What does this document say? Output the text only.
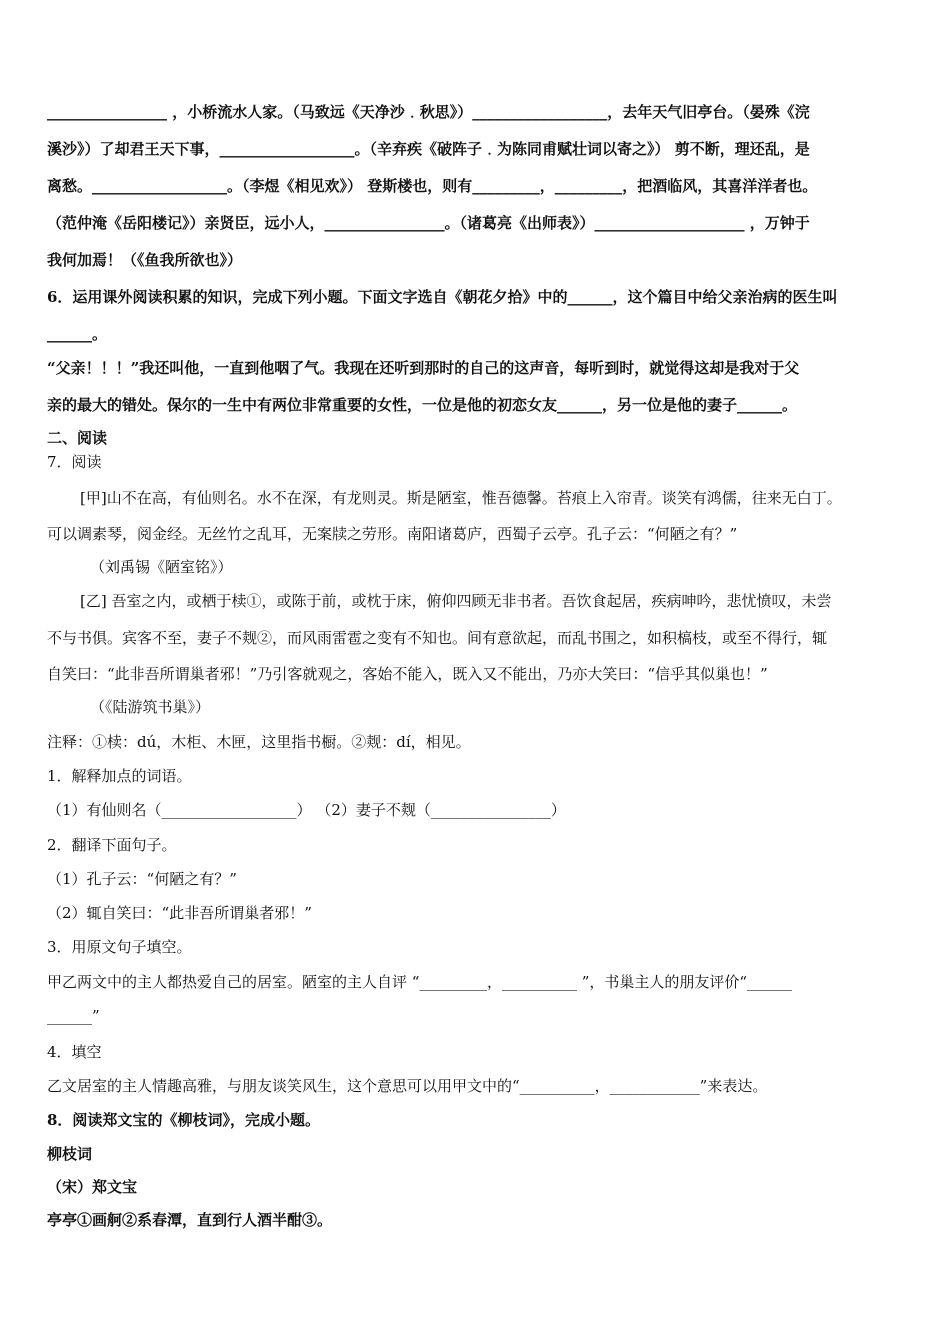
________________ ，小桥流水人家。（马致远《天净沙﹒秋思》）__________________，去年天气旧亭台。（晏殊《浣
溪沙》）了却君王天下事，__________________。（辛弃疾《破阵子﹒为陈同甫赋壮词以寄之》） 剪不断，理还乱，是
离愁。__________________。（李煜《相见欢》） 登斯楼也，则有_________，_________，把酒临风，其喜洋洋者也。
（范仲淹《岳阳楼记》）亲贤臣，远小人，________________。（诸葛亮《出师表》）____________________ ，万钟于
我何加焉！（《鱼我所欲也》）
6．运用课外阅读积累的知识，完成下列小题。下面文字选自《朝花夕拾》中的______，这个篇目中给父亲治病的医生叫
______。
“父亲！！！”我还叫他，一直到他咽了气。我现在还听到那时的自己的这声音，每听到时，就觉得这却是我对于父
亲的最大的错处。保尔的一生中有两位非常重要的女性，一位是他的初恋女友______，另一位是他的妻子______。
二、阅读
7．阅读
[甲]山不在高，有仙则名。水不在深，有龙则灵。斯是陋室，惟吾德馨。苔痕上入帘青。谈笑有鸿儒，往来无白丁。
可以调素琴，阅金经。无丝竹之乱耳，无案牍之劳形。南阳诸葛庐，西蜀子云亭。孔子云：“何陋之有？”
（刘禹锡《陋室铭》）
[乙] 吾室之内，或栖于椟①，或陈于前，或枕于床，俯仰四顾无非书者。吾饮食起居，疾病呻吟，悲忧愤叹，未尝
不与书俱。宾客不至，妻子不觌②，而风雨雷雹之变有不知也。间有意欲起，而乱书围之，如积槁枝，或至不得行，辄
自笑曰：“此非吾所谓巢者邪！”乃引客就观之，客始不能入，既入又不能出，乃亦大笑曰：“信乎其似巢也！”
（《陆游筑书巢》）
注释：①椟：dú，木柜、木匣，这里指书橱。②觌：dí，相见。
1．解释加点的词语。
（1）有仙则名（__________________） （2）妻子不觌（________________）
2．翻译下面句子。
（1）孔子云：“何陋之有？”
（2）辄自笑曰：“此非吾所谓巢者邪！”
3．用原文句子填空。
甲乙两文中的主人都热爱自己的居室。陋室的主人自评 “_________，__________ ”，书巢主人的朋友评价“______
______”
4．填空
乙文居室的主人情趣高雅，与朋友谈笑风生，这个意思可以用甲文中的“__________，____________”来表达。
8．阅读郑文宝的《柳枝词》，完成小题。
柳枝词
（宋）郑文宝
亭亭①画舸②系春潭，直到行人酒半酣③。
